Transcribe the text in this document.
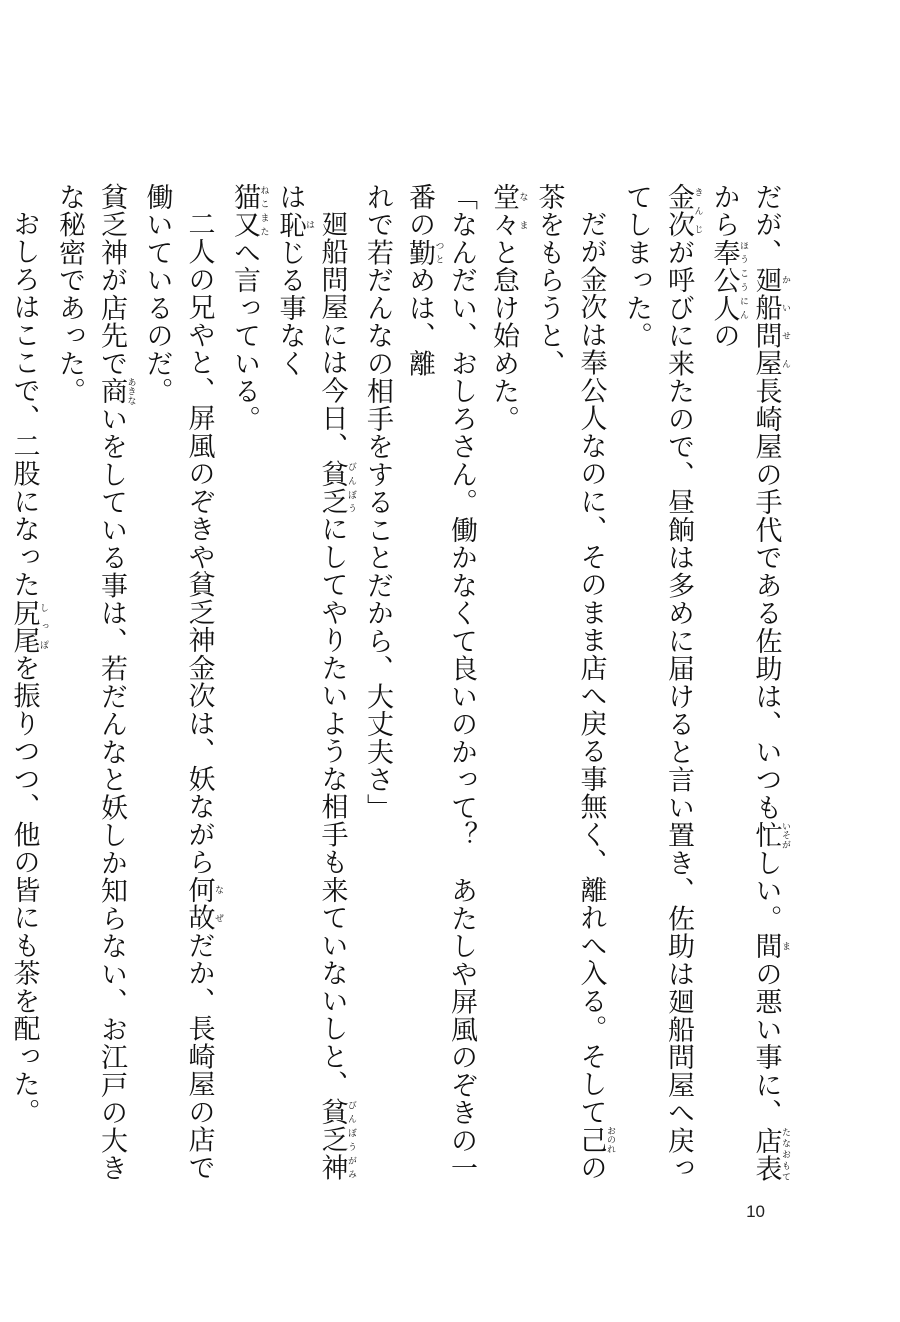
だが、廻船問屋かいせん長崎屋の手代である佐助は、いつも忙いそがしい。間まの悪い事に、店表たなおもてから奉公人ほうこうにんの

金次きんじが呼びに来たので、昼餉は多めに届けると言い置き、佐助は廻船問屋へ戻ってしまった。

だが金次は奉公人なのに、そのまま店へ戻る事無く、離れへ入る。そして己おのれの茶をもらうと、

堂々なまと怠け始めた。

「なんだい、おしろさん。働かなくて良いのかって？　あたしや屏風のぞきの一番の勤つとめは、離

れで若だんなの相手をすることだから、大丈夫さ」

廻船問屋には今日、貧乏びんぼうにしてやりたいような相手も来ていないしと、貧乏神びんぼうがみは恥はじる事なく

猫又ねこまたへ言っている。

二人の兄やと、屏風のぞきや貧乏神金次は、妖ながら何故なぜだか、長崎屋の店で働いているのだ。

貧乏神が店先で商あきないをしている事は、若だんなと妖しか知らない、お江戸の大きな秘密であった。

おしろはここで、二股になった尻尾しっぽを振りつつ、他の皆にも茶を配った。

10
